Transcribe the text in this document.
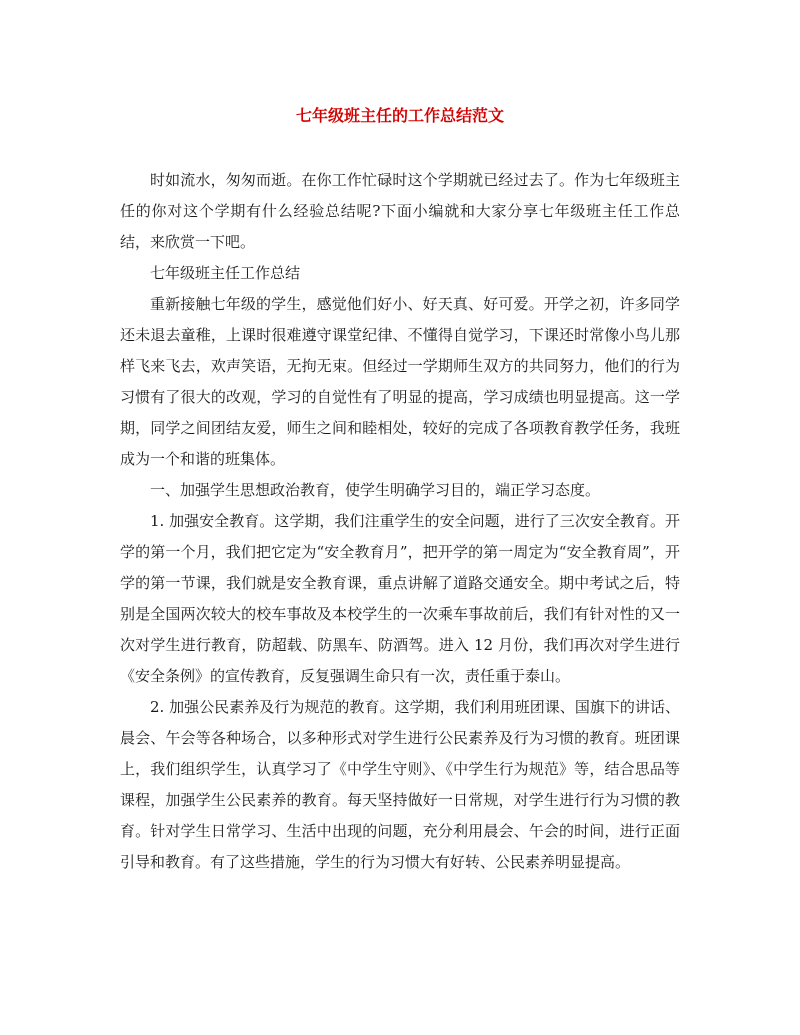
七年级班主任的工作总结范文

时如流水，匆匆而逝。在你工作忙碌时这个学期就已经过去了。作为七年级班主任的你对这个学期有什么经验总结呢?下面小编就和大家分享七年级班主任工作总结，来欣赏一下吧。

七年级班主任工作总结

重新接触七年级的学生，感觉他们好小、好天真、好可爱。开学之初，许多同学还未退去童稚，上课时很难遵守课堂纪律、不懂得自觉学习，下课还时常像小鸟儿那样飞来飞去，欢声笑语，无拘无束。但经过一学期师生双方的共同努力，他们的行为习惯有了很大的改观，学习的自觉性有了明显的提高，学习成绩也明显提高。这一学期，同学之间团结友爱，师生之间和睦相处，较好的完成了各项教育教学任务，我班成为一个和谐的班集体。

一、加强学生思想政治教育，使学生明确学习目的，端正学习态度。

1. 加强安全教育。这学期，我们注重学生的安全问题，进行了三次安全教育。开学的第一个月，我们把它定为“安全教育月”，把开学的第一周定为“安全教育周”，开学的第一节课，我们就是安全教育课，重点讲解了道路交通安全。期中考试之后，特别是全国两次较大的校车事故及本校学生的一次乘车事故前后，我们有针对性的又一次对学生进行教育，防超载、防黑车、防酒驾。进入 12 月份，我们再次对学生进行《安全条例》的宣传教育，反复强调生命只有一次，责任重于泰山。

2. 加强公民素养及行为规范的教育。这学期，我们利用班团课、国旗下的讲话、晨会、午会等各种场合，以多种形式对学生进行公民素养及行为习惯的教育。班团课上，我们组织学生，认真学习了《中学生守则》、《中学生行为规范》等，结合思品等课程，加强学生公民素养的教育。每天坚持做好一日常规，对学生进行行为习惯的教育。针对学生日常学习、生活中出现的问题，充分利用晨会、午会的时间，进行正面引导和教育。有了这些措施，学生的行为习惯大有好转、公民素养明显提高。
